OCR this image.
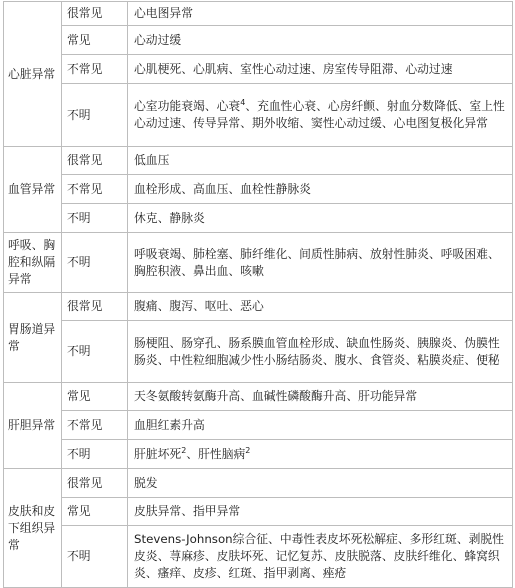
心脏异常	很常见	心电图异常
	常见	心动过缓
	不常见	心肌梗死、心肌病、室性心动过速、房室传导阻滞、心动过速
	不明	心室功能衰竭、心衰$^4$、充血性心衰、心房纤颤、射血分数降低、室上性心动过速、传导异常、期外收缩、窦性心动过缓、心电图复极化异常
血管异常	很常见	低血压
	不常见	血栓形成、高血压、血栓性静脉炎
	不明	休克、静脉炎
呼吸、胸腔和纵隔异常	不明	呼吸衰竭、肺栓塞、肺纤维化、间质性肺病、放射性肺炎、呼吸困难、胸腔积液、鼻出血、咳嗽
胃肠道异常	很常见	腹痛、腹泻、呕吐、恶心
	不明	肠梗阻、肠穿孔、肠系膜血管血栓形成、缺血性肠炎、胰腺炎、伪膜性肠炎、中性粒细胞减少性小肠结肠炎、腹水、食管炎、粘膜炎症、便秘
肝胆异常	常见	天冬氨酸转氨酶升高、血碱性磷酸酶升高、肝功能异常
	不常见	血胆红素升高
	不明	肝脏坏死$^2$、肝性脑病$^2$
皮肤和皮下组织异常	很常见	脱发
	常见	皮肤异常、指甲异常
	不明	Stevens-Johnson综合征、中毒性表皮坏死松解症、多形红斑、剥脱性皮炎、荨麻疹、皮肤坏死、记忆复苏、皮肤脱落、皮肤纤维化、蜂窝织炎、瘙痒、皮疹、红斑、指甲剥离、痤疮
